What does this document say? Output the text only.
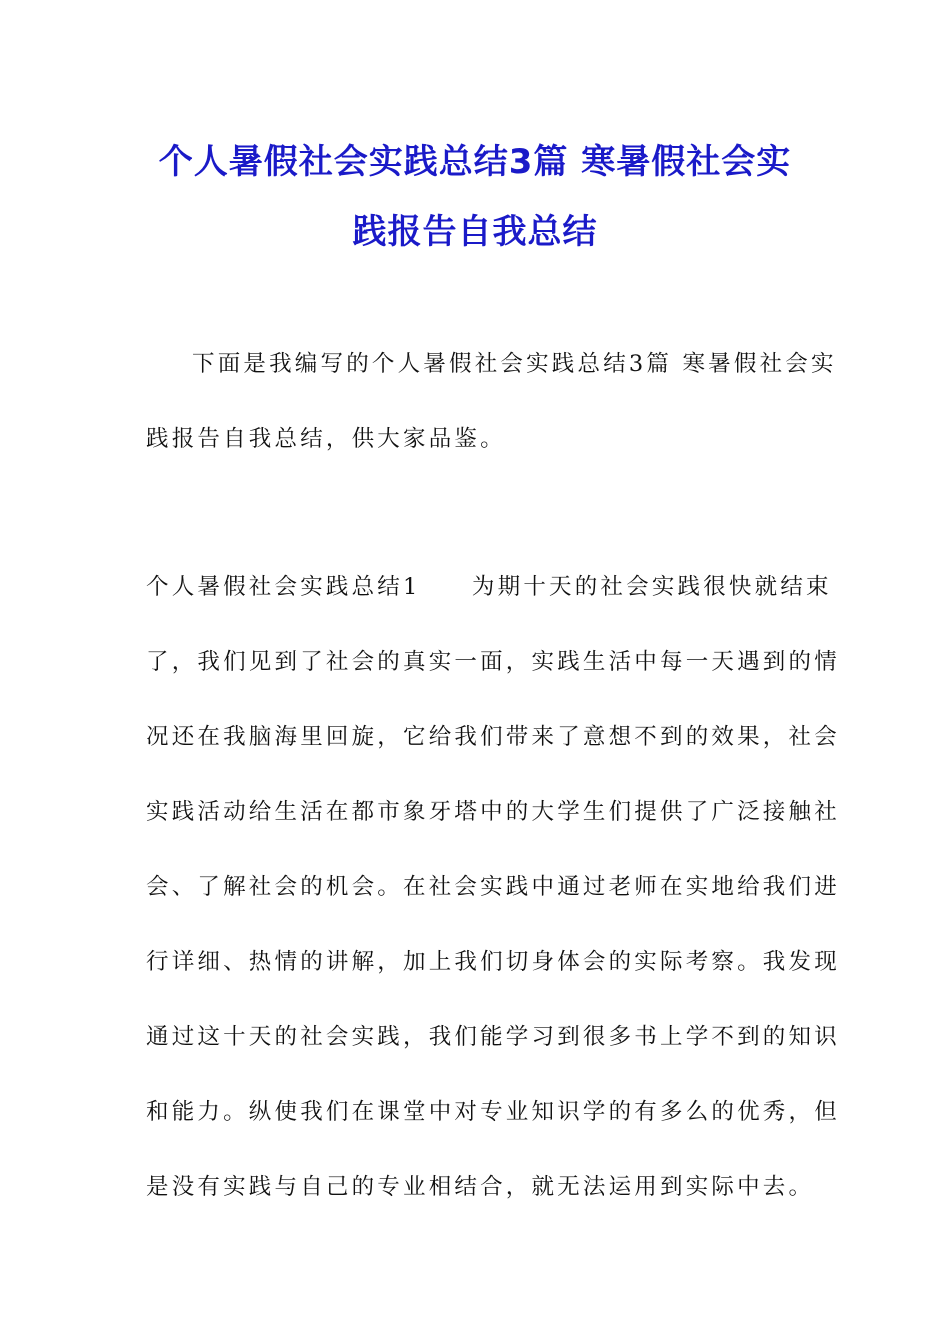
个人暑假社会实践总结3篇 寒暑假社会实
践报告自我总结
下面是我编写的个人暑假社会实践总结3篇 寒暑假社会实
践报告自我总结，供大家品鉴。
个人暑假社会实践总结1　　为期十天的社会实践很快就结束
了，我们见到了社会的真实一面，实践生活中每一天遇到的情
况还在我脑海里回旋，它给我们带来了意想不到的效果，社会
实践活动给生活在都市象牙塔中的大学生们提供了广泛接触社
会、了解社会的机会。在社会实践中通过老师在实地给我们进
行详细、热情的讲解，加上我们切身体会的实际考察。我发现
通过这十天的社会实践，我们能学习到很多书上学不到的知识
和能力。纵使我们在课堂中对专业知识学的有多么的优秀，但
是没有实践与自己的专业相结合，就无法运用到实际中去。
